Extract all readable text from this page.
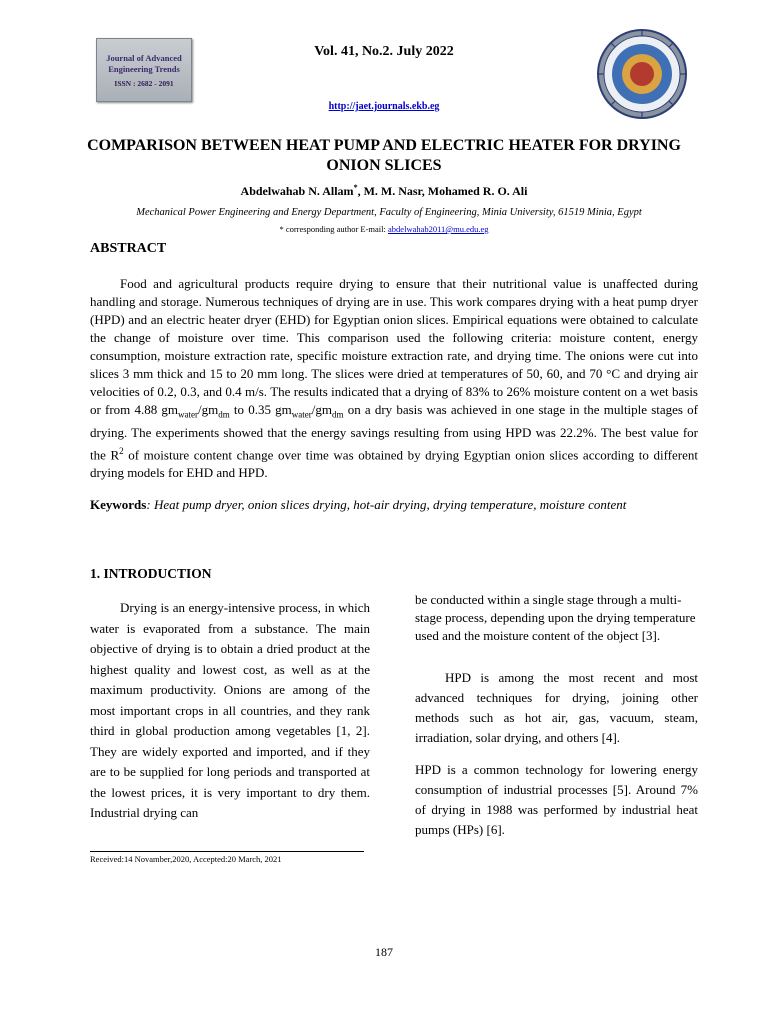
Journal of Advanced
Engineering Trends
ISSN : 2682 - 2091
Vol. 41, No.2. July 2022
http://jaet.journals.ekb.eg
COMPARISON BETWEEN HEAT PUMP AND ELECTRIC HEATER FOR DRYING ONION SLICES
Abdelwahab N. Allam*, M. M. Nasr, Mohamed R. O. Ali
Mechanical Power Engineering and Energy Department, Faculty of Engineering, Minia University, 61519 Minia, Egypt
* corresponding author E-mail: abdelwahab2011@mu.edu.eg
ABSTRACT
Food and agricultural products require drying to ensure that their nutritional value is unaffected during handling and storage. Numerous techniques of drying are in use. This work compares drying with a heat pump dryer (HPD) and an electric heater dryer (EHD) for Egyptian onion slices. Empirical equations were obtained to calculate the change of moisture over time. This comparison used the following criteria: moisture content, energy consumption, moisture extraction rate, specific moisture extraction rate, and drying time. The onions were cut into slices 3 mm thick and 15 to 20 mm long. The slices were dried at temperatures of 50, 60, and 70 °C and drying air velocities of 0.2, 0.3, and 0.4 m/s. The results indicated that a drying of 83% to 26% moisture content on a wet basis or from 4.88 $gm_{water}/gm_{dm}$ to 0.35 $gm_{water}/gm_{dm}$ on a dry basis was achieved in one stage in the multiple stages of drying. The experiments showed that the energy savings resulting from using HPD was 22.2%. The best value for the $R^2$ of moisture content change over time was obtained by drying Egyptian onion slices according to different drying models for EHD and HPD.
Keywords: Heat pump dryer, onion slices drying, hot-air drying, drying temperature, moisture content
1. INTRODUCTION
Drying is an energy-intensive process, in which water is evaporated from a substance. The main objective of drying is to obtain a dried product at the highest quality and lowest cost, as well as at the maximum productivity. Onions are among of the most important crops in all countries, and they rank third in global production among vegetables [1, 2]. They are widely exported and imported, and if they are to be supplied for long periods and transported at the lowest prices, it is very important to dry them. Industrial drying can
be conducted within a single stage through a multi-stage process, depending upon the drying temperature used and the moisture content of the object [3].
HPD is among the most recent and most advanced techniques for drying, joining other methods such as hot air, gas, vacuum, steam, irradiation, solar drying, and others [4].
HPD is a common technology for lowering energy consumption of industrial processes [5]. Around 7% of drying in 1988 was performed by industrial heat pumps (HPs) [6].
Received:14 Novamber,2020, Accepted:20 March, 2021
187
